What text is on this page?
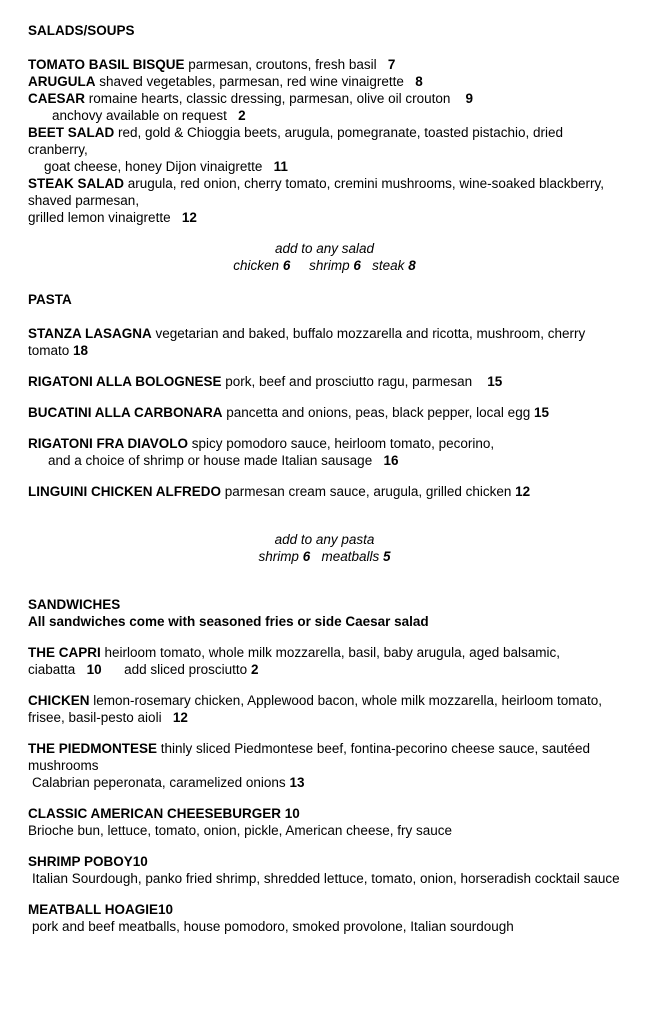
SALADS/SOUPS

TOMATO BASIL BISQUE parmesan, croutons, fresh basil 7

ARUGULA shaved vegetables, parmesan, red wine vinaigrette 8

CAESAR romaine hearts, classic dressing, parmesan, olive oil crouton 9

anchovy available on request 2

BEET SALAD red, gold & Chioggia beets, arugula, pomegranate, toasted pistachio, dried cranberry,

goat cheese, honey Dijon vinaigrette 11

STEAK SALAD arugula, red onion, cherry tomato, cremini mushrooms, wine-soaked blackberry, shaved parmesan,

grilled lemon vinaigrette 12

add to any salad

chicken 6 shrimp 6 steak 8

PASTA

STANZA LASAGNA vegetarian and baked, buffalo mozzarella and ricotta, mushroom, cherry tomato 18

RIGATONI ALLA BOLOGNESE pork, beef and prosciutto ragu, parmesan 15

BUCATINI ALLA CARBONARA pancetta and onions, peas, black pepper, local egg 15

RIGATONI FRA DIAVOLO spicy pomodoro sauce, heirloom tomato, pecorino,

and a choice of shrimp or house made Italian sausage 16

LINGUINI CHICKEN ALFREDO parmesan cream sauce, arugula, grilled chicken 12

add to any pasta

shrimp 6 meatballs 5

SANDWICHES

All sandwiches come with seasoned fries or side Caesar salad

THE CAPRI heirloom tomato, whole milk mozzarella, basil, baby arugula, aged balsamic, ciabatta 10 add sliced prosciutto 2

CHICKEN lemon-rosemary chicken, Applewood bacon, whole milk mozzarella, heirloom tomato, frisee, basil-pesto aioli 12

THE PIEDMONTESE thinly sliced Piedmontese beef, fontina-pecorino cheese sauce, sautéed mushrooms

Calabrian peperonata, caramelized onions 13

CLASSIC AMERICAN CHEESEBURGER 10

Brioche bun, lettuce, tomato, onion, pickle, American cheese, fry sauce

SHRIMP POBOY10

Italian Sourdough, panko fried shrimp, shredded lettuce, tomato, onion, horseradish cocktail sauce

MEATBALL HOAGIE10

pork and beef meatballs, house pomodoro, smoked provolone, Italian sourdough
